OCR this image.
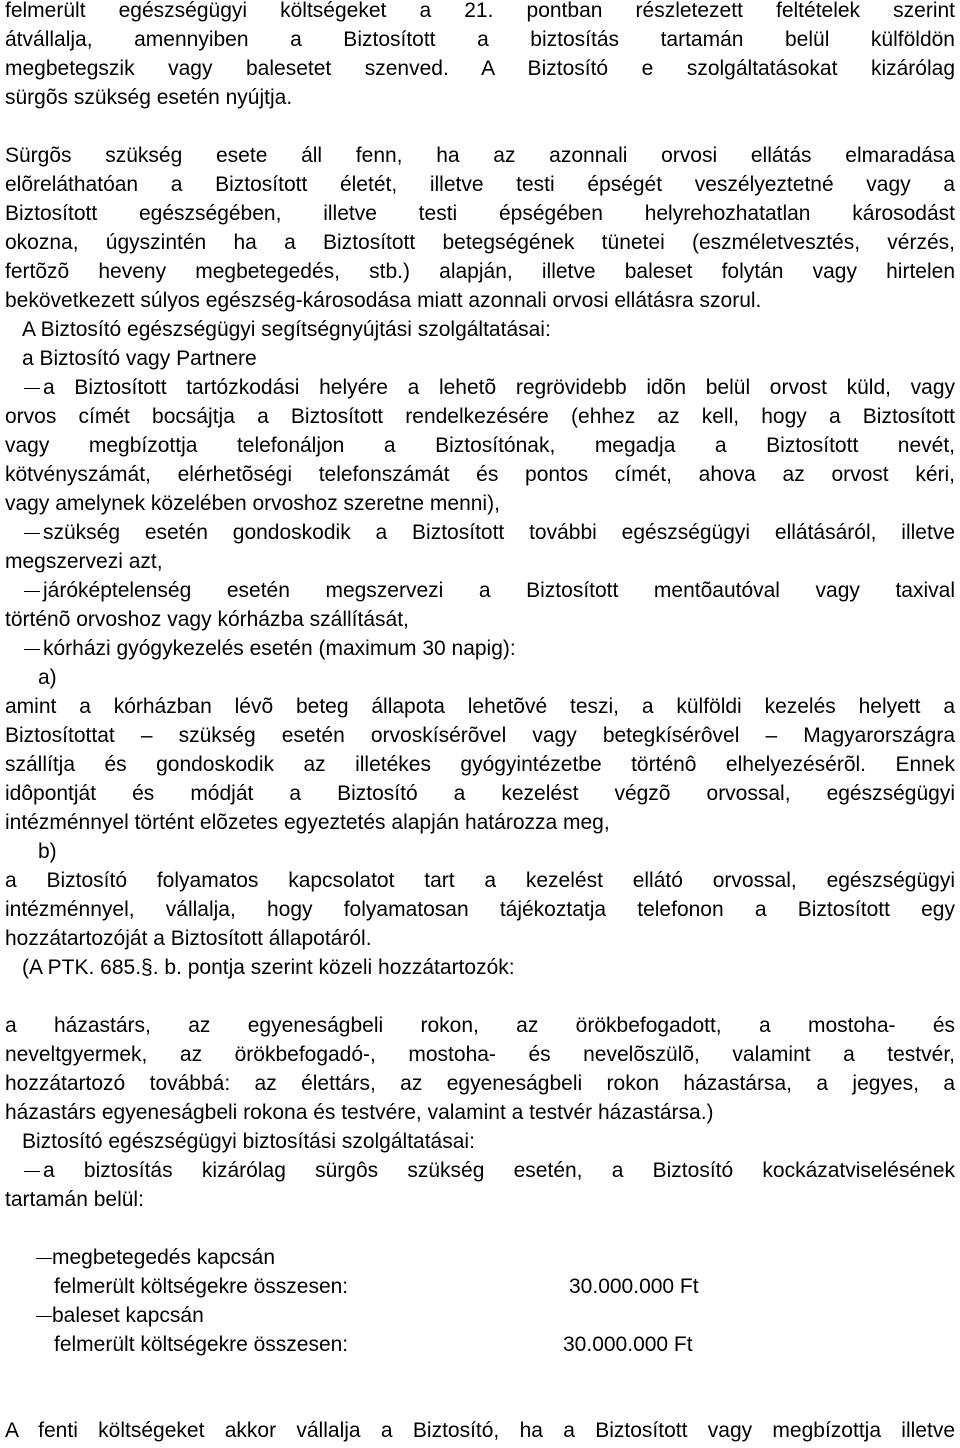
felmerült egészségügyi költségeket a 21. pontban részletezett feltételek szerint
átvállalja, amennyiben a Biztosított a biztosítás tartamán belül külföldön
megbetegszik vagy balesetet szenved. A Biztosító e szolgáltatásokat kizárólag
sürgõs szükség esetén nyújtja.
Sürgõs szükség esete áll fenn, ha az azonnali orvosi ellátás elmaradása
elõreláthatóan a Biztosított életét, illetve testi épségét veszélyeztetné vagy a
Biztosított egészségében, illetve testi épségében helyrehozhatatlan károsodást
okozna, úgyszintén ha a Biztosított betegségének tünetei (eszméletvesztés, vérzés,
fertõzõ heveny megbetegedés, stb.) alapján, illetve baleset folytán vagy hirtelen
bekövetkezett súlyos egészség-károsodása miatt azonnali orvosi ellátásra szorul.
A Biztosító egészségügyi segítségnyújtási szolgáltatásai:
a Biztosító vagy Partnere
a Biztosított tartózkodási helyére a lehetõ regrövidebb idõn belül orvost küld, vagy
orvos címét bocsájtja a Biztosított rendelkezésére (ehhez az kell, hogy a Biztosított
vagy megbízottja telefonáljon a Biztosítónak, megadja a Biztosított nevét,
kötvényszámát, elérhetõségi telefonszámát és pontos címét, ahova az orvost kéri,
vagy amelynek közelében orvoshoz szeretne menni),
szükség esetén gondoskodik a Biztosított további egészségügyi ellátásáról, illetve
megszervezi azt,
járóképtelenség esetén megszervezi a Biztosított mentõautóval vagy taxival
történõ orvoshoz vagy kórházba szállítását,
kórházi gyógykezelés esetén (maximum 30 napig):
a)
amint a kórházban lévõ beteg állapota lehetõvé teszi, a külföldi kezelés helyett a
Biztosítottat – szükség esetén orvoskísérõvel vagy betegkísérôvel – Magyarországra
szállítja és gondoskodik az illetékes gyógyintézetbe történô elhelyezésérõl. Ennek
idôpontját és módját a Biztosító a kezelést végzõ orvossal, egészségügyi
intézménnyel történt elõzetes egyeztetés alapján határozza meg,
b)
a Biztosító folyamatos kapcsolatot tart a kezelést ellátó orvossal, egészségügyi
intézménnyel, vállalja, hogy folyamatosan tájékoztatja telefonon a Biztosított egy
hozzátartozóját a Biztosított állapotáról.
(A PTK. 685.§. b. pontja szerint közeli hozzátartozók:
a házastárs, az egyeneságbeli rokon, az örökbefogadott, a mostoha- és
neveltgyermek, az örökbefogadó-, mostoha- és nevelõszülõ, valamint a testvér,
hozzátartozó továbbá: az élettárs, az egyeneságbeli rokon házastársa, a jegyes, a
házastárs egyeneságbeli rokona és testvére, valamint a testvér házastársa.)
Biztosító egészségügyi biztosítási szolgáltatásai:
a biztosítás kizárólag sürgôs szükség esetén, a Biztosító kockázatviselésének
tartamán belül:
megbetegedés kapcsán
felmerült költségekre összesen:	30.000.000 Ft
baleset kapcsán
felmerült költségekre összesen:	30.000.000 Ft
A fenti költségeket akkor vállalja a Biztosító, ha a Biztosított vagy megbízottja illetve
